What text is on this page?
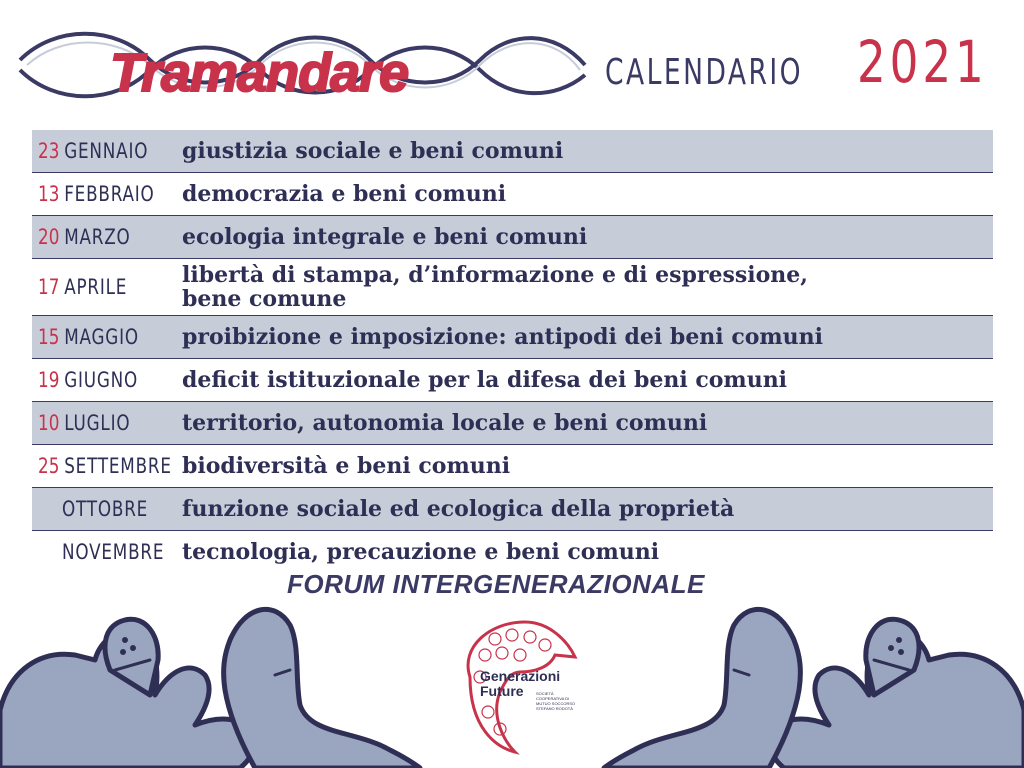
Tramandare	CALENDARIO 2021
23 GENNAIO giustizia sociale e beni comuni
13 FEBBRAIO democrazia e beni comuni
20 MARZO ecologia integrale e beni comuni
17 APRILE libertà di stampa, d’informazione e di espressione,
bene comune
15 MAGGIO proibizione e imposizione: antipodi dei beni comuni
19 GIUGNO deficit istituzionale per la difesa dei beni comuni
10 LUGLIO territorio, autonomia locale e beni comuni
25 SETTEMBRE biodiversità e beni comuni
OTTOBRE funzione sociale ed ecologica della proprietà
NOVEMBRE tecnologia, precauzione e beni comuni
FORUM INTERGENERAZIONALE
Generazioni
Future	SOCIETÀ COOPERATIVA DI MUTUO SOCCORSO STEFANO RODOTÀ
